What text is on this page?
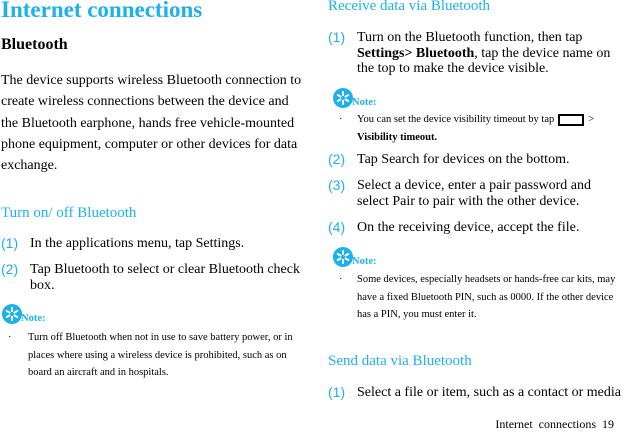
Internet connections
Bluetooth
The device supports wireless Bluetooth connection to create wireless connections between the device and the Bluetooth earphone, hands free vehicle-mounted phone equipment, computer or other devices for data exchange.
Turn on/ off Bluetooth
(1) In the applications menu, tap Settings.
(2) Tap Bluetooth to select or clear Bluetooth check box.
Note:
· Turn off Bluetooth when not in use to save battery power, or in places where using a wireless device is prohibited, such as on board an aircraft and in hospitals.
Receive data via Bluetooth
(1) Turn on the Bluetooth function, then tap Settings> Bluetooth, tap the device name on the top to make the device visible.
Note:
· You can set the device visibility timeout by tap	>
Visibility timeout.
(2) Tap Search for devices on the bottom.
(3) Select a device, enter a pair password and select Pair to pair with the other device.
(4) On the receiving device, accept the file.
Note:
· Some devices, especially headsets or hands-free car kits, may have a fixed Bluetooth PIN, such as 0000. If the other device has a PIN, you must enter it.
Send data via Bluetooth
(1) Select a file or item, such as a contact or media
Internet connections 19
